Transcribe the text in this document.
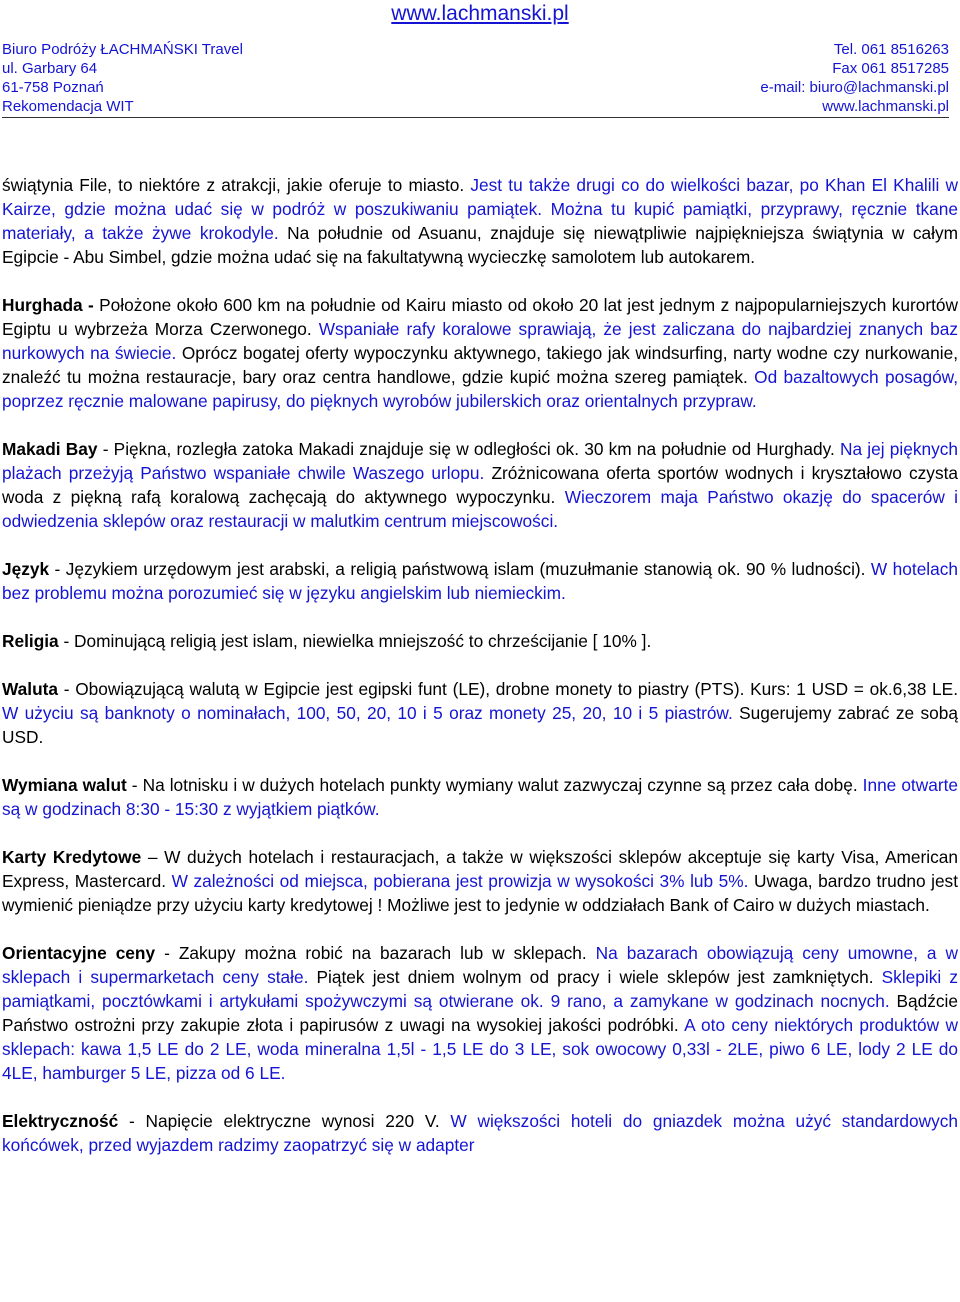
www.lachmanski.pl
Biuro Podróży ŁACHMAŃSKI Travel
ul. Garbary 64
61-758 Poznań
Rekomendacja WIT
Tel. 061 8516263
Fax 061 8517285
e-mail: biuro@lachmanski.pl
www.lachmanski.pl

świątynia File, to niektóre z atrakcji, jakie oferuje to miasto. Jest tu także drugi co do wielkości bazar, po Khan El Khalili w Kairze, gdzie można udać się w podróż w poszukiwaniu pamiątek. Można tu kupić pamiątki, przyprawy, ręcznie tkane materiały, a także żywe krokodyle. Na południe od Asuanu, znajduje się niewątpliwie najpiękniejsza świątynia w całym Egipcie - Abu Simbel, gdzie można udać się na fakultatywną wycieczkę samolotem lub autokarem.

Hurghada - Położone około 600 km na południe od Kairu miasto od około 20 lat jest jednym z najpopularniejszych kurortów Egiptu u wybrzeża Morza Czerwonego. Wspaniałe rafy koralowe sprawiają, że jest zaliczana do najbardziej znanych baz nurkowych na świecie. Oprócz bogatej oferty wypoczynku aktywnego, takiego jak windsurfing, narty wodne czy nurkowanie, znaleźć tu można restauracje, bary oraz centra handlowe, gdzie kupić można szereg pamiątek. Od bazaltowych posagów, poprzez ręcznie malowane papirusy, do pięknych wyrobów jubilerskich oraz orientalnych przypraw.

Makadi Bay - Piękna, rozległa zatoka Makadi znajduje się w odległości ok. 30 km na południe od Hurghady. Na jej pięknych plażach przeżyją Państwo wspaniałe chwile Waszego urlopu. Zróżnicowana oferta sportów wodnych i kryształowo czysta woda z piękną rafą koralową zachęcają do aktywnego wypoczynku. Wieczorem maja Państwo okazję do spacerów i odwiedzenia sklepów oraz restauracji w malutkim centrum miejscowości.

Język - Językiem urzędowym jest arabski, a religią państwową islam (muzułmanie stanowią ok. 90 % ludności). W hotelach bez problemu można porozumieć się w języku angielskim lub niemieckim.

Religia - Dominującą religią jest islam, niewielka mniejszość to chrześcijanie [ 10% ].

Waluta - Obowiązującą walutą w Egipcie jest egipski funt (LE), drobne monety to piastry (PTS). Kurs: 1 USD = ok.6,38 LE. W użyciu są banknoty o nominałach, 100, 50, 20, 10 i 5 oraz monety 25, 20, 10 i 5 piastrów. Sugerujemy zabrać ze sobą USD.

Wymiana walut - Na lotnisku i w dużych hotelach punkty wymiany walut zazwyczaj czynne są przez cała dobę. Inne otwarte są w godzinach 8:30 - 15:30 z wyjątkiem piątków.

Karty Kredytowe – W dużych hotelach i restauracjach, a także w większości sklepów akceptuje się karty Visa, American Express, Mastercard. W zależności od miejsca, pobierana jest prowizja w wysokości 3% lub 5%. Uwaga, bardzo trudno jest wymienić pieniądze przy użyciu karty kredytowej ! Możliwe jest to jedynie w oddziałach Bank of Cairo w dużych miastach.

Orientacyjne ceny - Zakupy można robić na bazarach lub w sklepach. Na bazarach obowiązują ceny umowne, a w sklepach i supermarketach ceny stałe. Piątek jest dniem wolnym od pracy i wiele sklepów jest zamkniętych. Sklepiki z pamiątkami, pocztówkami i artykułami spożywczymi są otwierane ok. 9 rano, a zamykane w godzinach nocnych. Bądźcie Państwo ostrożni przy zakupie złota i papirusów z uwagi na wysokiej jakości podróbki. A oto ceny niektórych produktów w sklepach: kawa 1,5 LE do 2 LE, woda mineralna 1,5l - 1,5 LE do 3 LE, sok owocowy 0,33l - 2LE, piwo 6 LE, lody 2 LE do 4LE, hamburger 5 LE, pizza od 6 LE.

Elektryczność - Napięcie elektryczne wynosi 220 V. W większości hoteli do gniazdek można użyć standardowych końcówek, przed wyjazdem radzimy zaopatrzyć się w adapter
